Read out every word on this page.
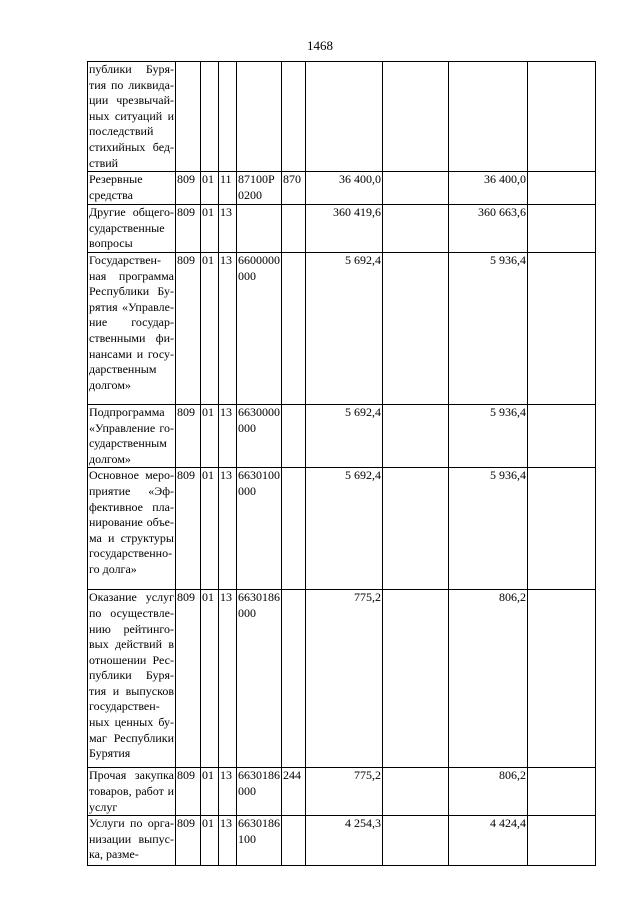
1468
публики Бурятия по ликвидации чрезвычайных ситуаций и последствий стихийных бедствий									
Резервные средства	809	01	11	87100P0200	870	36 400,0		36 400,0	
Другие общегосударственные вопросы	809	01	13			360 419,6		360 663,6	
Государственная программа Республики Бурятия «Управление государственными финансами и государственным долгом»	809	01	13	6600000000		5 692,4		5 936,4	
Подпрограмма «Управление государственным долгом»	809	01	13	6630000000		5 692,4		5 936,4	
Основное мероприятие «Эффективное планирование объема и структуры государственного долга»	809	01	13	6630100000		5 692,4		5 936,4	
Оказание услуг по осуществлению рейтинговых действий в отношении Республики Бурятия и выпусков государственных ценных бумаг Республики Бурятия	809	01	13	6630186000		775,2		806,2	
Прочая закупка товаров, работ и услуг	809	01	13	6630186000	244	775,2		806,2	
Услуги по организации выпуска, разме-	809	01	13	6630186100		4 254,3		4 424,4	
